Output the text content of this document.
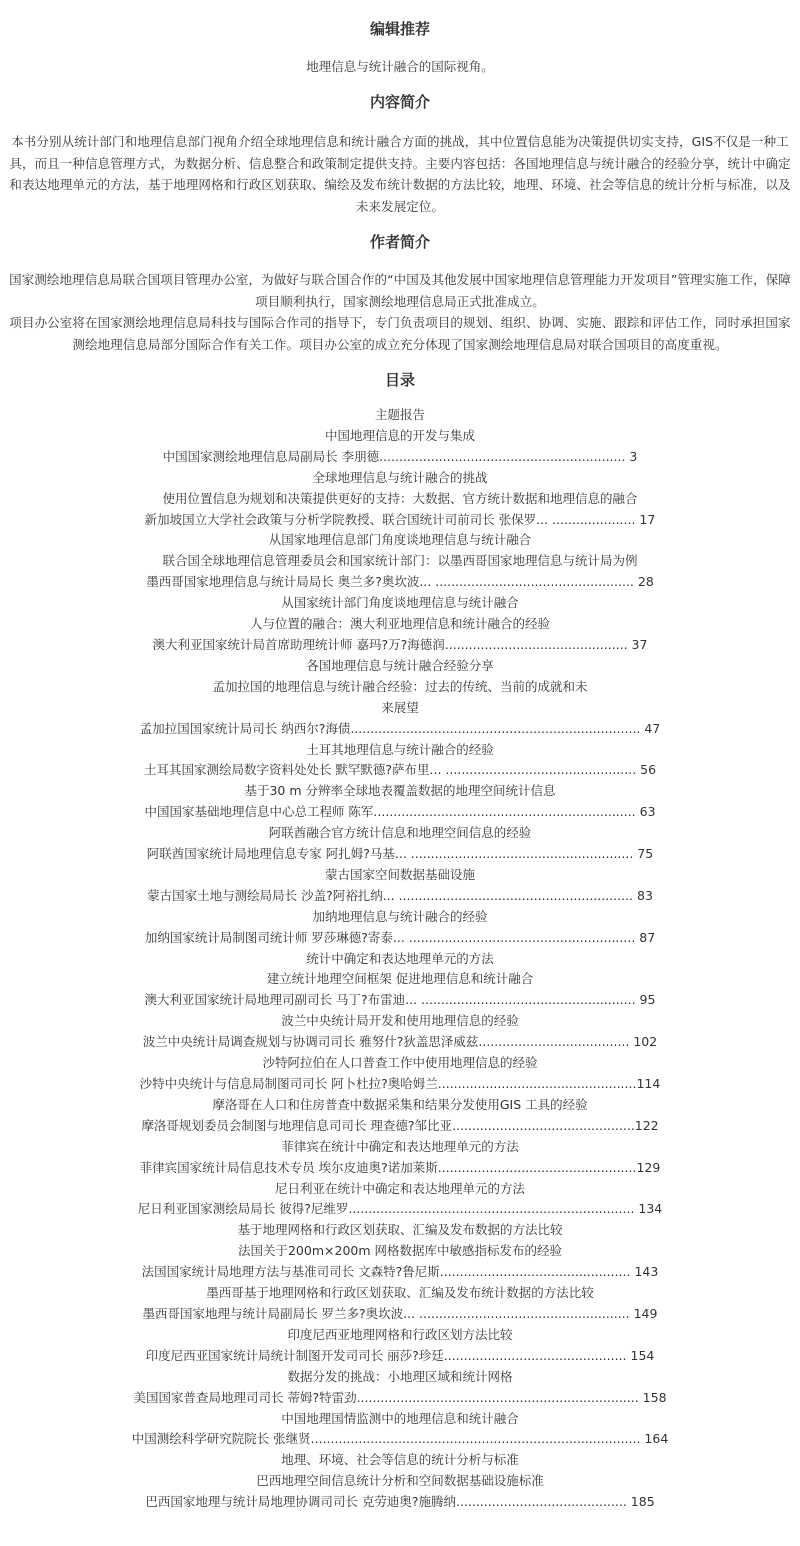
编辑推荐
地理信息与统计融合的国际视角。
内容简介

本书分别从统计部门和地理信息部门视角介绍全球地理信息和统计融合方面的挑战，其中位置信息能为决策提供切实支持，GIS不仅是一种工具，而且一种信息管理方式，为数据分析、信息整合和政策制定提供支持。主要内容包括：各国地理信息与统计融合的经验分享，统计中确定和表达地理单元的方法，基于地理网格和行政区划获取、编绘及发布统计数据的方法比较，地理、环境、社会等信息的统计分析与标准，以及未来发展定位。

作者简介

国家测绘地理信息局联合国项目管理办公室，为做好与联合国合作的“中国及其他发展中国家地理信息管理能力开发项目”管理实施工作，保障项目顺利执行，国家测绘地理信息局正式批准成立。

项目办公室将在国家测绘地理信息局科技与国际合作司的指导下，专门负责项目的规划、组织、协调、实施、跟踪和评估工作，同时承担国家测绘地理信息局部分国际合作有关工作。项目办公室的成立充分体现了国家测绘地理信息局对联合国项目的高度重视。

目录
主题报告
中国地理信息的开发与集成
中国国家测绘地理信息局副局长 李朋德.............................................................. 3
全球地理信息与统计融合的挑战
使用位置信息为规划和决策提供更好的支持：大数据、官方统计数据和地理信息的融合
新加坡国立大学社会政策与分析学院教授、联合国统计司前司长 张保罗... ..................... 17
从国家地理信息部门角度谈地理信息与统计融合
联合国全球地理信息管理委员会和国家统计部门：以墨西哥国家地理信息与统计局为例
墨西哥国家地理信息与统计局局长 奥兰多?奥坎波... .................................................. 28
从国家统计部门角度谈地理信息与统计融合
人与位置的融合：澳大利亚地理信息和统计融合的经验
澳大利亚国家统计局首席助理统计师 嘉玛?万?海德润.............................................. 37
各国地理信息与统计融合经验分享
孟加拉国的地理信息与统计融合经验：过去的传统、当前的成就和未
来展望
孟加拉国国家统计局司长 纳西尔?海债......................................................................... 47
土耳其地理信息与统计融合的经验
土耳其国家测绘局数字资料处处长 默罕默德?萨布里... ................................................ 56
基于30 m 分辨率全球地表覆盖数据的地理空间统计信息
中国国家基础地理信息中心总工程师 陈军.................................................................. 63
阿联酋融合官方统计信息和地理空间信息的经验
阿联酋国家统计局地理信息专家 阿扎姆?马基... ........................................................ 75
蒙古国家空间数据基础设施
蒙古国家土地与测绘局局长 沙盖?阿裕扎纳... ........................................................... 83
加纳地理信息与统计融合的经验
加纳国家统计局制图司统计师 罗莎琳德?寄泰... ......................................................... 87
统计中确定和表达地理单元的方法
建立统计地理空间框架 促进地理信息和统计融合
澳大利亚国家统计局地理司副司长 马丁?布雷迪... ...................................................... 95
波兰中央统计局开发和使用地理信息的经验
波兰中央统计局调查规划与协调司司长 雅努什?狄盖思泽威兹...................................... 102
沙特阿拉伯在人口普查工作中使用地理信息的经验
沙特中央统计与信息局制图司司长 阿卜杜拉?奥哈姆兰..................................................114
摩洛哥在人口和住房普查中数据采集和结果分发使用GIS 工具的经验
摩洛哥规划委员会制图与地理信息司司长 理查德?邹比亚..............................................122
菲律宾在统计中确定和表达地理单元的方法
菲律宾国家统计局信息技术专员 埃尔皮迪奥?诺加莱斯..................................................129
尼日利亚在统计中确定和表达地理单元的方法
尼日利亚国家测绘局局长 彼得?尼维罗........................................................................ 134
基于地理网格和行政区划获取、汇编及发布数据的方法比较
法国关于200m×200m 网格数据库中敏感指标发布的经验
法国国家统计局地理方法与基准司司长 文森特?鲁尼斯................................................ 143
墨西哥基于地理网格和行政区划获取、汇编及发布统计数据的方法比较
墨西哥国家地理与统计局副局长 罗兰多?奥坎波... ..................................................... 149
印度尼西亚地理网格和行政区划方法比较
印度尼西亚国家统计局统计制图开发司司长 丽莎?珍廷.............................................. 154
数据分发的挑战：小地理区域和统计网格
美国国家普查局地理司司长 蒂姆?特雷劲....................................................................... 158
中国地理国情监测中的地理信息和统计融合
中国测绘科学研究院院长 张继贤................................................................................... 164
地理、环境、社会等信息的统计分析与标准
巴西地理空间信息统计分析和空间数据基础设施标准
巴西国家地理与统计局地理协调司司长 克劳迪奥?施腾纳........................................... 185
